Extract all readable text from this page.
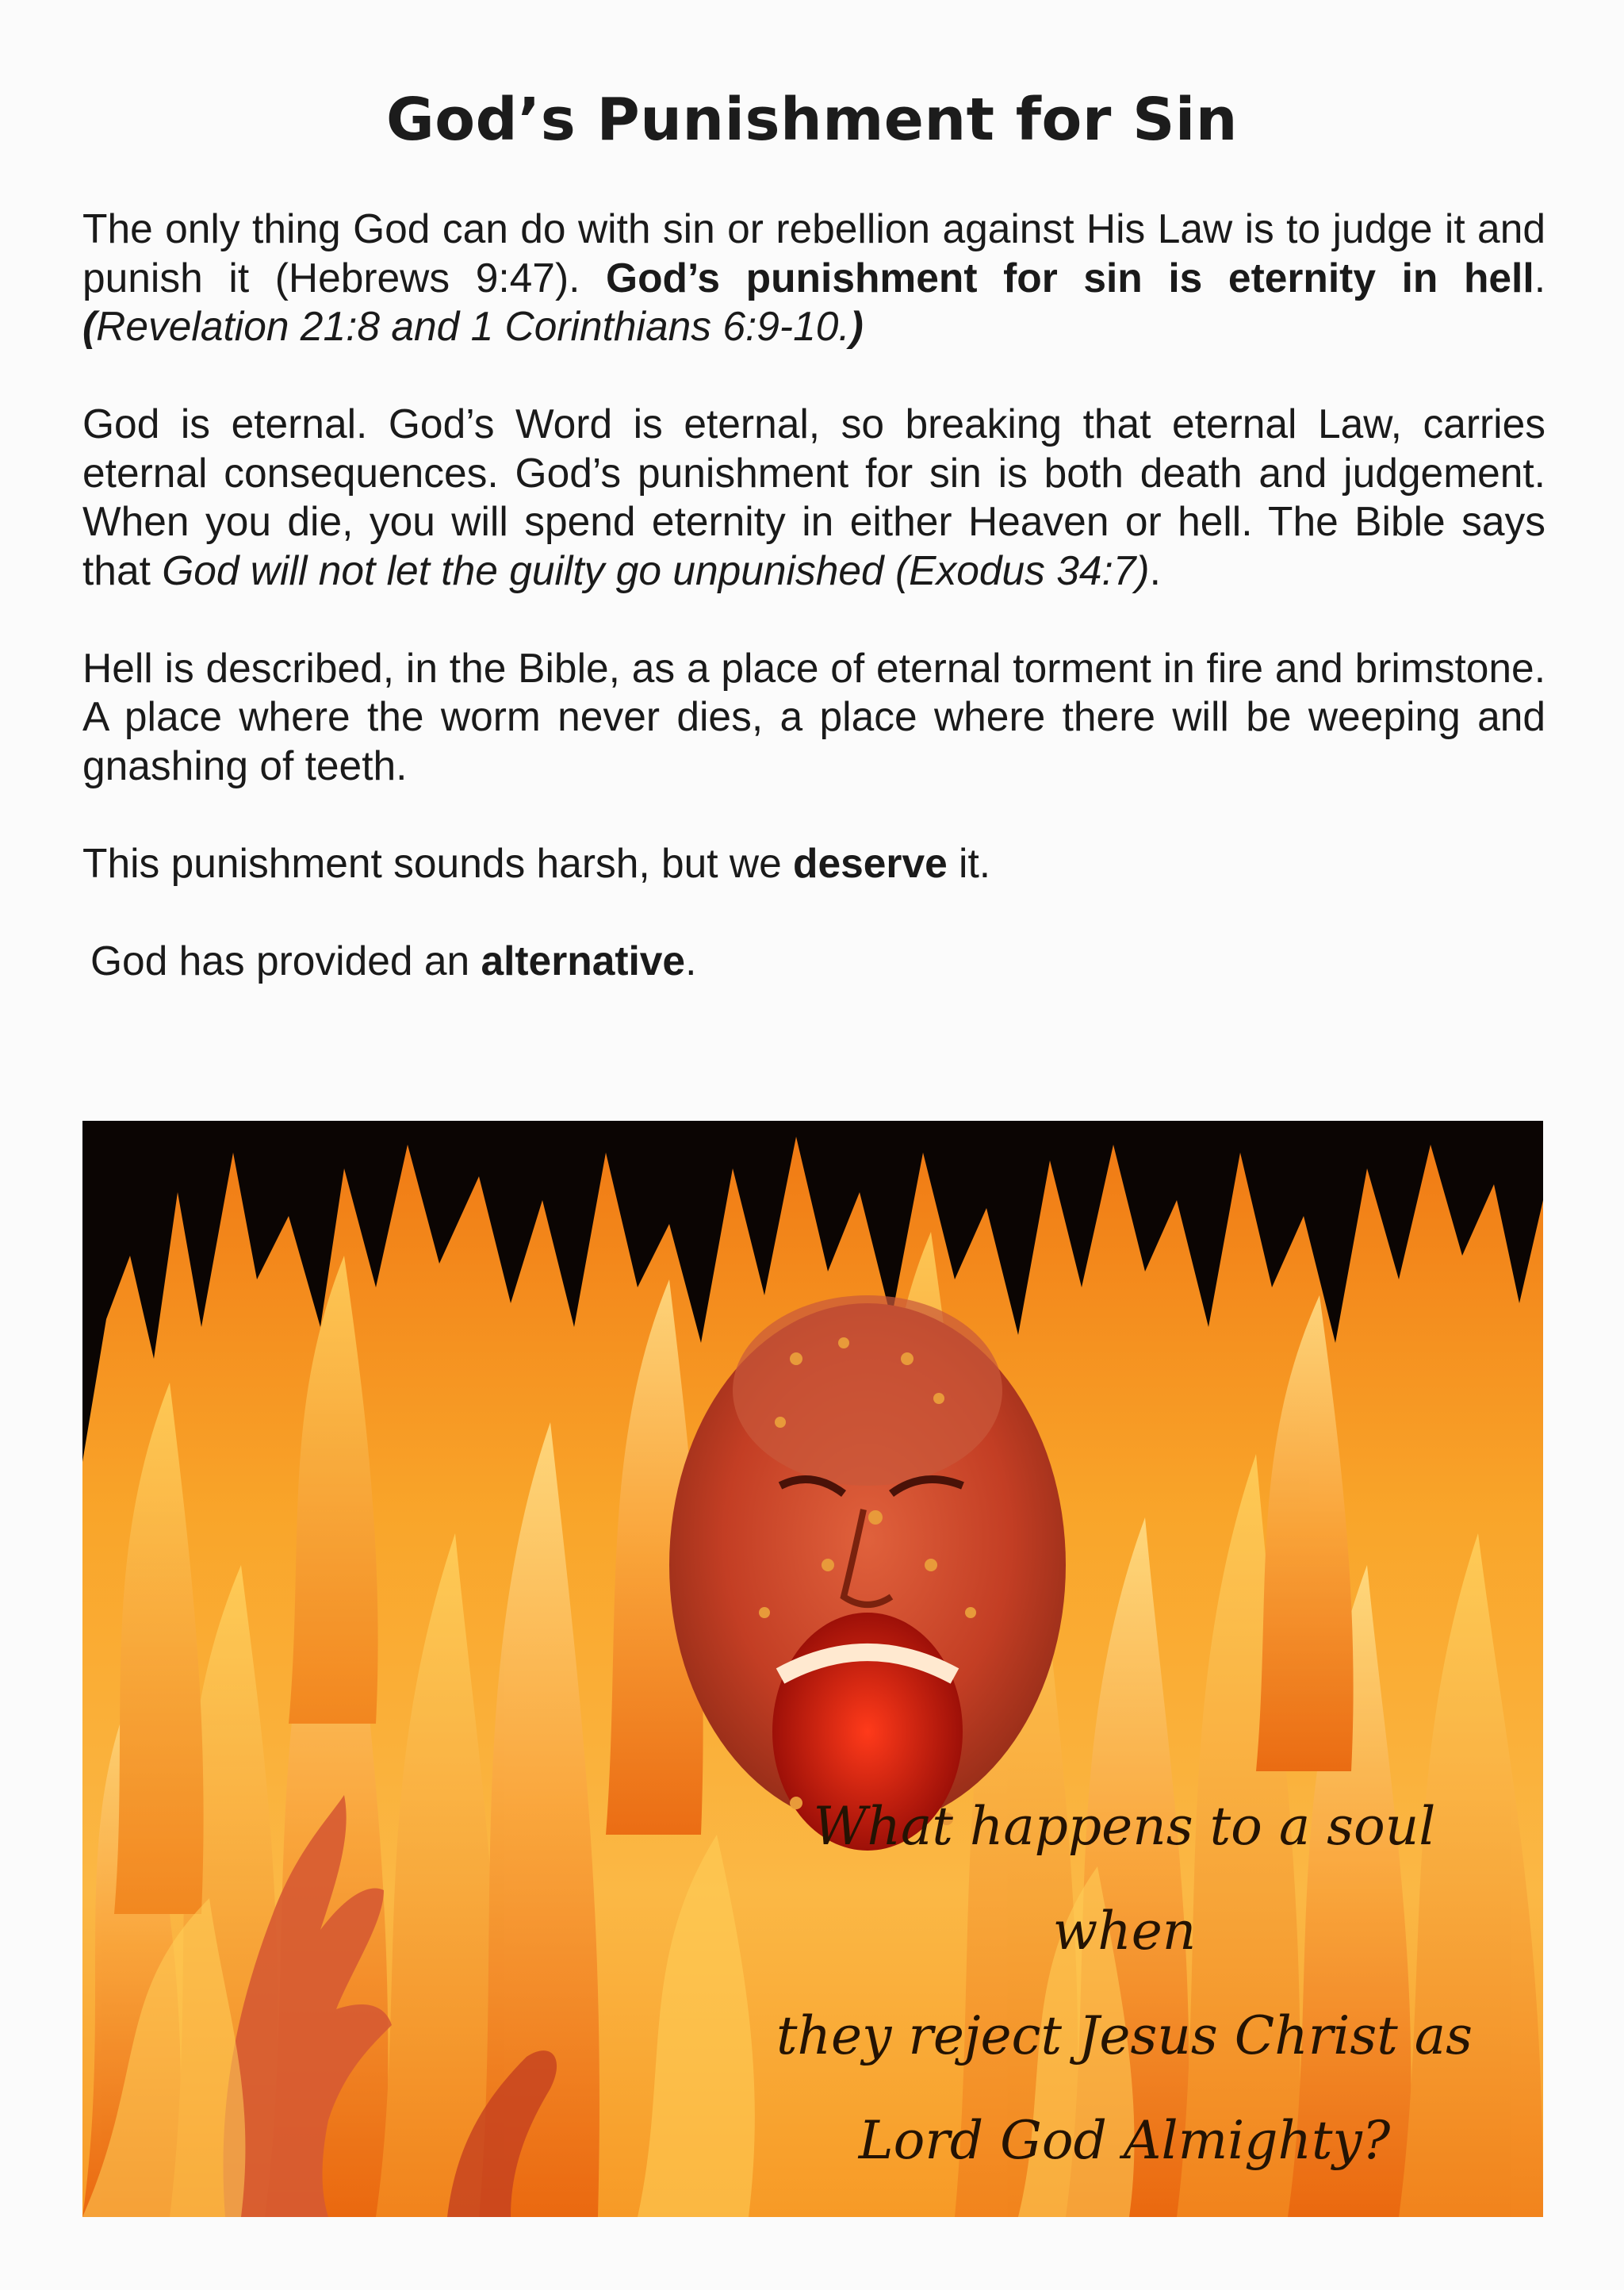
God’s Punishment for Sin

The only thing God can do with sin or rebellion against His Law is to judge it and punish it (Hebrews 9:47). God’s punishment for sin is eternity in hell. (Revelation 21:8 and 1 Corinthians 6:9-10.)

God is eternal. God’s Word is eternal, so breaking that eternal Law, carries eternal consequences. God’s punishment for sin is both death and judgement. When you die, you will spend eternity in either Heaven or hell. The Bible says that God will not let the guilty go unpunished (Exodus 34:7).

Hell is described, in the Bible, as a place of eternal torment in fire and brimstone. A place where the worm never dies, a place where there will be weeping and gnashing of teeth.

This punishment sounds harsh, but we deserve it.

God has provided an alternative.

What happens to a soul when
they reject Jesus Christ as
Lord God Almighty?
